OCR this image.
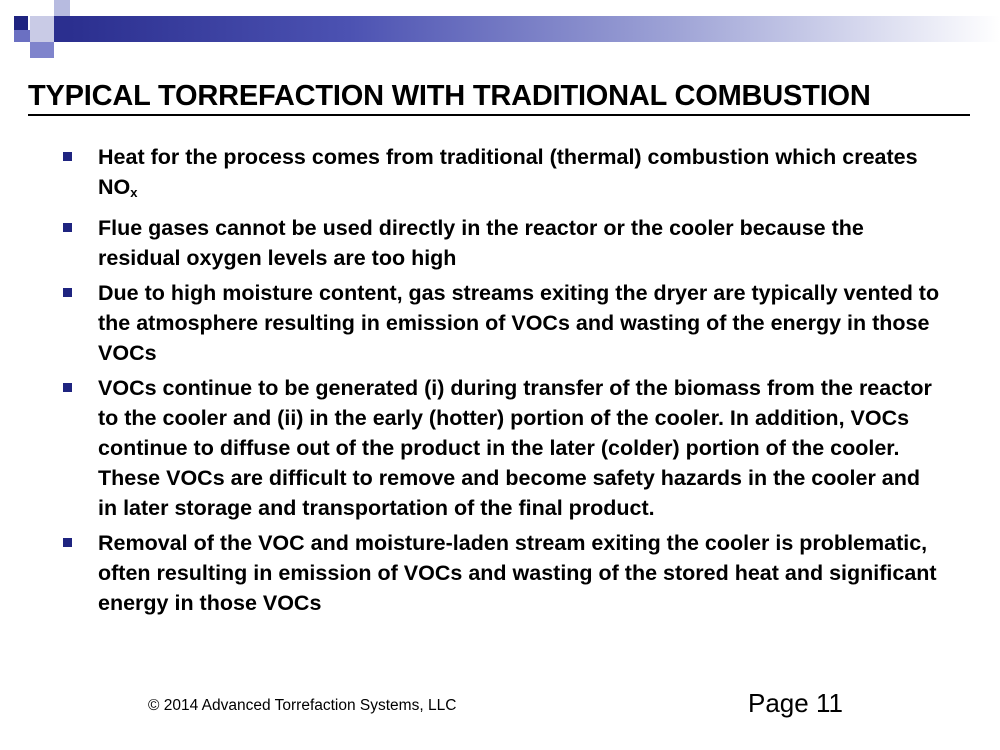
TYPICAL TORREFACTION WITH TRADITIONAL COMBUSTION
Heat for the process comes from traditional (thermal) combustion which creates NOx
Flue gases cannot be used directly in the reactor or the cooler because the residual oxygen levels are too high
Due to high moisture content, gas streams exiting the dryer are typically vented to the atmosphere resulting in emission of VOCs and wasting of the energy in those VOCs
VOCs continue to be generated (i) during transfer of the biomass from the reactor to the cooler and (ii) in the early (hotter) portion of the cooler. In addition, VOCs continue to diffuse out of the product in the later (colder) portion of the cooler. These VOCs are difficult to remove and become safety hazards in the cooler and in later storage and transportation of the final product.
Removal of the VOC and moisture-laden stream exiting the cooler is problematic, often resulting in emission of VOCs and wasting of the stored heat and significant energy in those VOCs
© 2014 Advanced Torrefaction Systems, LLC	Page 11
